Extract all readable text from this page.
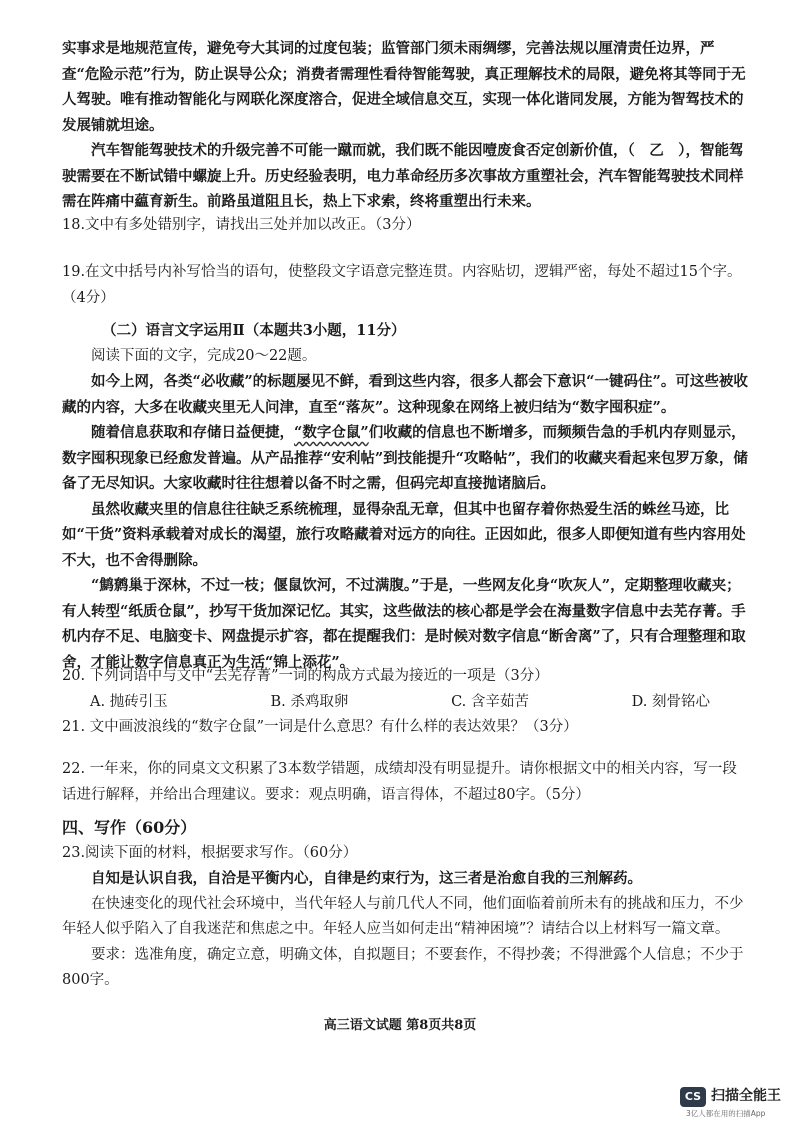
实事求是地规范宣传，避免夸大其词的过度包装；监管部门须未雨绸缪，完善法规以厘清责任边界，严查“危险示范”行为，防止误导公众；消费者需理性看待智能驾驶，真正理解技术的局限，避免将其等同于无人驾驶。唯有推动智能化与网联化深度溶合，促进全域信息交互，实现一体化谐同发展，方能为智驾技术的发展铺就坦途。

汽车智能驾驶技术的升级完善不可能一蹴而就，我们既不能因噎废食否定创新价值，（　乙　），智能驾驶需要在不断试错中螺旋上升。历史经验表明，电力革命经历多次事故方重塑社会，汽车智能驾驶技术同样需在阵痛中藴育新生。前路虽道阻且长，热上下求索，终将重塑出行未来。

18.文中有多处错别字，请找出三处并加以改正。（3分）

19.在文中括号内补写恰当的语句，使整段文字语意完整连贯。内容贴切，逻辑严密，每处不超过15个字。（4分）

（二）语言文字运用Ⅱ（本题共3小题，11分）

阅读下面的文字，完成20～22题。

如今上网，各类“必收藏”的标题屡见不鲜，看到这些内容，很多人都会下意识“一键码住”。可这些被收藏的内容，大多在收藏夹里无人问津，直至“落灰”。这种现象在网络上被归结为“数字囤积症”。

随着信息获取和存储日益便捷，“数字仓鼠”们收藏的信息也不断增多，而频频告急的手机内存则显示，数字囤积现象已经愈发普遍。从产品推荐“安利帖”到技能提升“攻略帖”，我们的收藏夹看起来包罗万象，储备了无尽知识。大家收藏时往往想着以备不时之需，但码完却直接抛诸脑后。

虽然收藏夹里的信息往往缺乏系统梳理，显得杂乱无章，但其中也留存着你热爱生活的蛛丝马迹，比如“干货”资料承载着对成长的渴望，旅行攻略藏着对远方的向往。正因如此，很多人即便知道有些内容用处不大，也不舍得删除。

“鹪鹩巢于深林，不过一枝；偃鼠饮河，不过满腹。”于是，一些网友化身“吹灰人”，定期整理收藏夹；有人转型“纸质仓鼠”，抄写干货加深记忆。其实，这些做法的核心都是学会在海量数字信息中去芜存菁。手机内存不足、电脑变卡、网盘提示扩容，都在提醒我们：是时候对数字信息“断舍离”了，只有合理整理和取舍，才能让数字信息真正为生活“锦上添花”。

20. 下列词语中与文中“去芜存菁”一词的构成方式最为接近的一项是（3分）

A. 抛砖引玉	B. 杀鸡取卵	C. 含辛茹苦	D. 刻骨铭心

21. 文中画波浪线的“数字仓鼠”一词是什么意思？有什么样的表达效果？（3分）

22. 一年来，你的同桌文文积累了3本数学错题，成绩却没有明显提升。请你根据文中的相关内容，写一段话进行解释，并给出合理建议。要求：观点明确，语言得体，不超过80字。（5分）

四、写作（60分）

23.阅读下面的材料，根据要求写作。（60分）

自知是认识自我，自洽是平衡内心，自律是约束行为，这三者是治愈自我的三剂解药。

在快速变化的现代社会环境中，当代年轻人与前几代人不同，他们面临着前所未有的挑战和压力，不少年轻人似乎陷入了自我迷茫和焦虑之中。年轻人应当如何走出“精神困境”？请结合以上材料写一篇文章。

要求：选准角度，确定立意，明确文体，自拟题目；不要套作，不得抄袭；不得泄露个人信息；不少于800字。

高三语文试题 第8页共8页
CS 扫描全能王
3亿人都在用的扫描App
